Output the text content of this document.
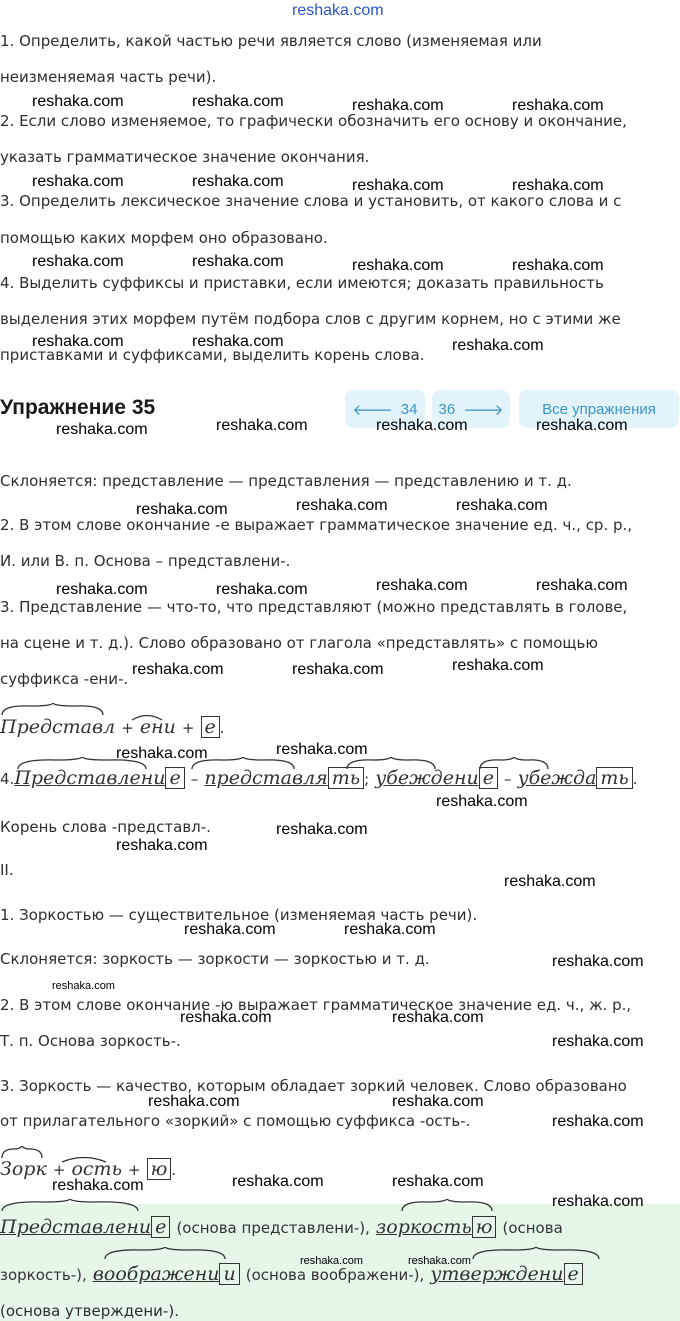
reshaka.com
1. Определить, какой частью речи является слово (изменяемая или
неизменяемая часть речи).
2. Если слово изменяемое, то графически обозначить его основу и окончание,
указать грамматическое значение окончания.
3. Определить лексическое значение слова и установить, от какого слова и с
помощью каких морфем оно образовано.
4. Выделить суффиксы и приставки, если имеются; доказать правильность
выделения этих морфем путём подбора слов с другим корнем, но с этими же
приставками и суффиксами, выделить корень слова.
Упражнение 35	🡐 34 36 🡒	Все упражнения
Склоняется: представление — представления — представлению и т. д.
2. В этом слове окончание -е выражает грамматическое значение ед. ч., ср. р.,
И. или В. п. Основа – представлени-.
3. Представление — что-то, что представляют (можно представлять в голове,
на сцене и т. д.). Слово образовано от глагола «представлять» с помощью
суффикса -ени-.
Представл + ени + е .
4.Представлени е – представля ть ; убеждени е – убежда ть .
Корень слова -представл-.
II.
1. Зоркостью — существительное (изменяемая часть речи).
Склоняется: зоркость — зоркости — зоркостью и т. д.
2. В этом слове окончание -ю выражает грамматическое значение ед. ч., ж. р.,
Т. п. Основа зоркость-.
3. Зоркость — качество, которым обладает зоркий человек. Слово образовано
от прилагательного «зоркий» с помощью суффикса -ость-.
Зорк + ость + ю .
Представлени е (основа представлени-), зоркость ю (основа
зоркость-), воображени и (основа воображени-), утверждени е
(основа утверждени-).
reshaka.com	reshaka.com	reshaka.com	reshaka.com
reshaka.com	reshaka.com	reshaka.com	reshaka.com
reshaka.com	reshaka.com	reshaka.com	reshaka.com
reshaka.com	reshaka.com	reshaka.com
reshaka.com	reshaka.com	reshaka.com	reshaka.com
reshaka.com	reshaka.com	reshaka.com
reshaka.com	reshaka.com	reshaka.com	reshaka.com
reshaka.com	reshaka.com	reshaka.com
reshaka.com	reshaka.com
reshaka.com
reshaka.com
reshaka.com
reshaka.com
reshaka.com	reshaka.com
reshaka.com
reshaka.com
reshaka.com	reshaka.com
reshaka.com
reshaka.com	reshaka.com
reshaka.com
reshaka.com	reshaka.com	reshaka.com
reshaka.com
reshaka.com	reshaka.com
